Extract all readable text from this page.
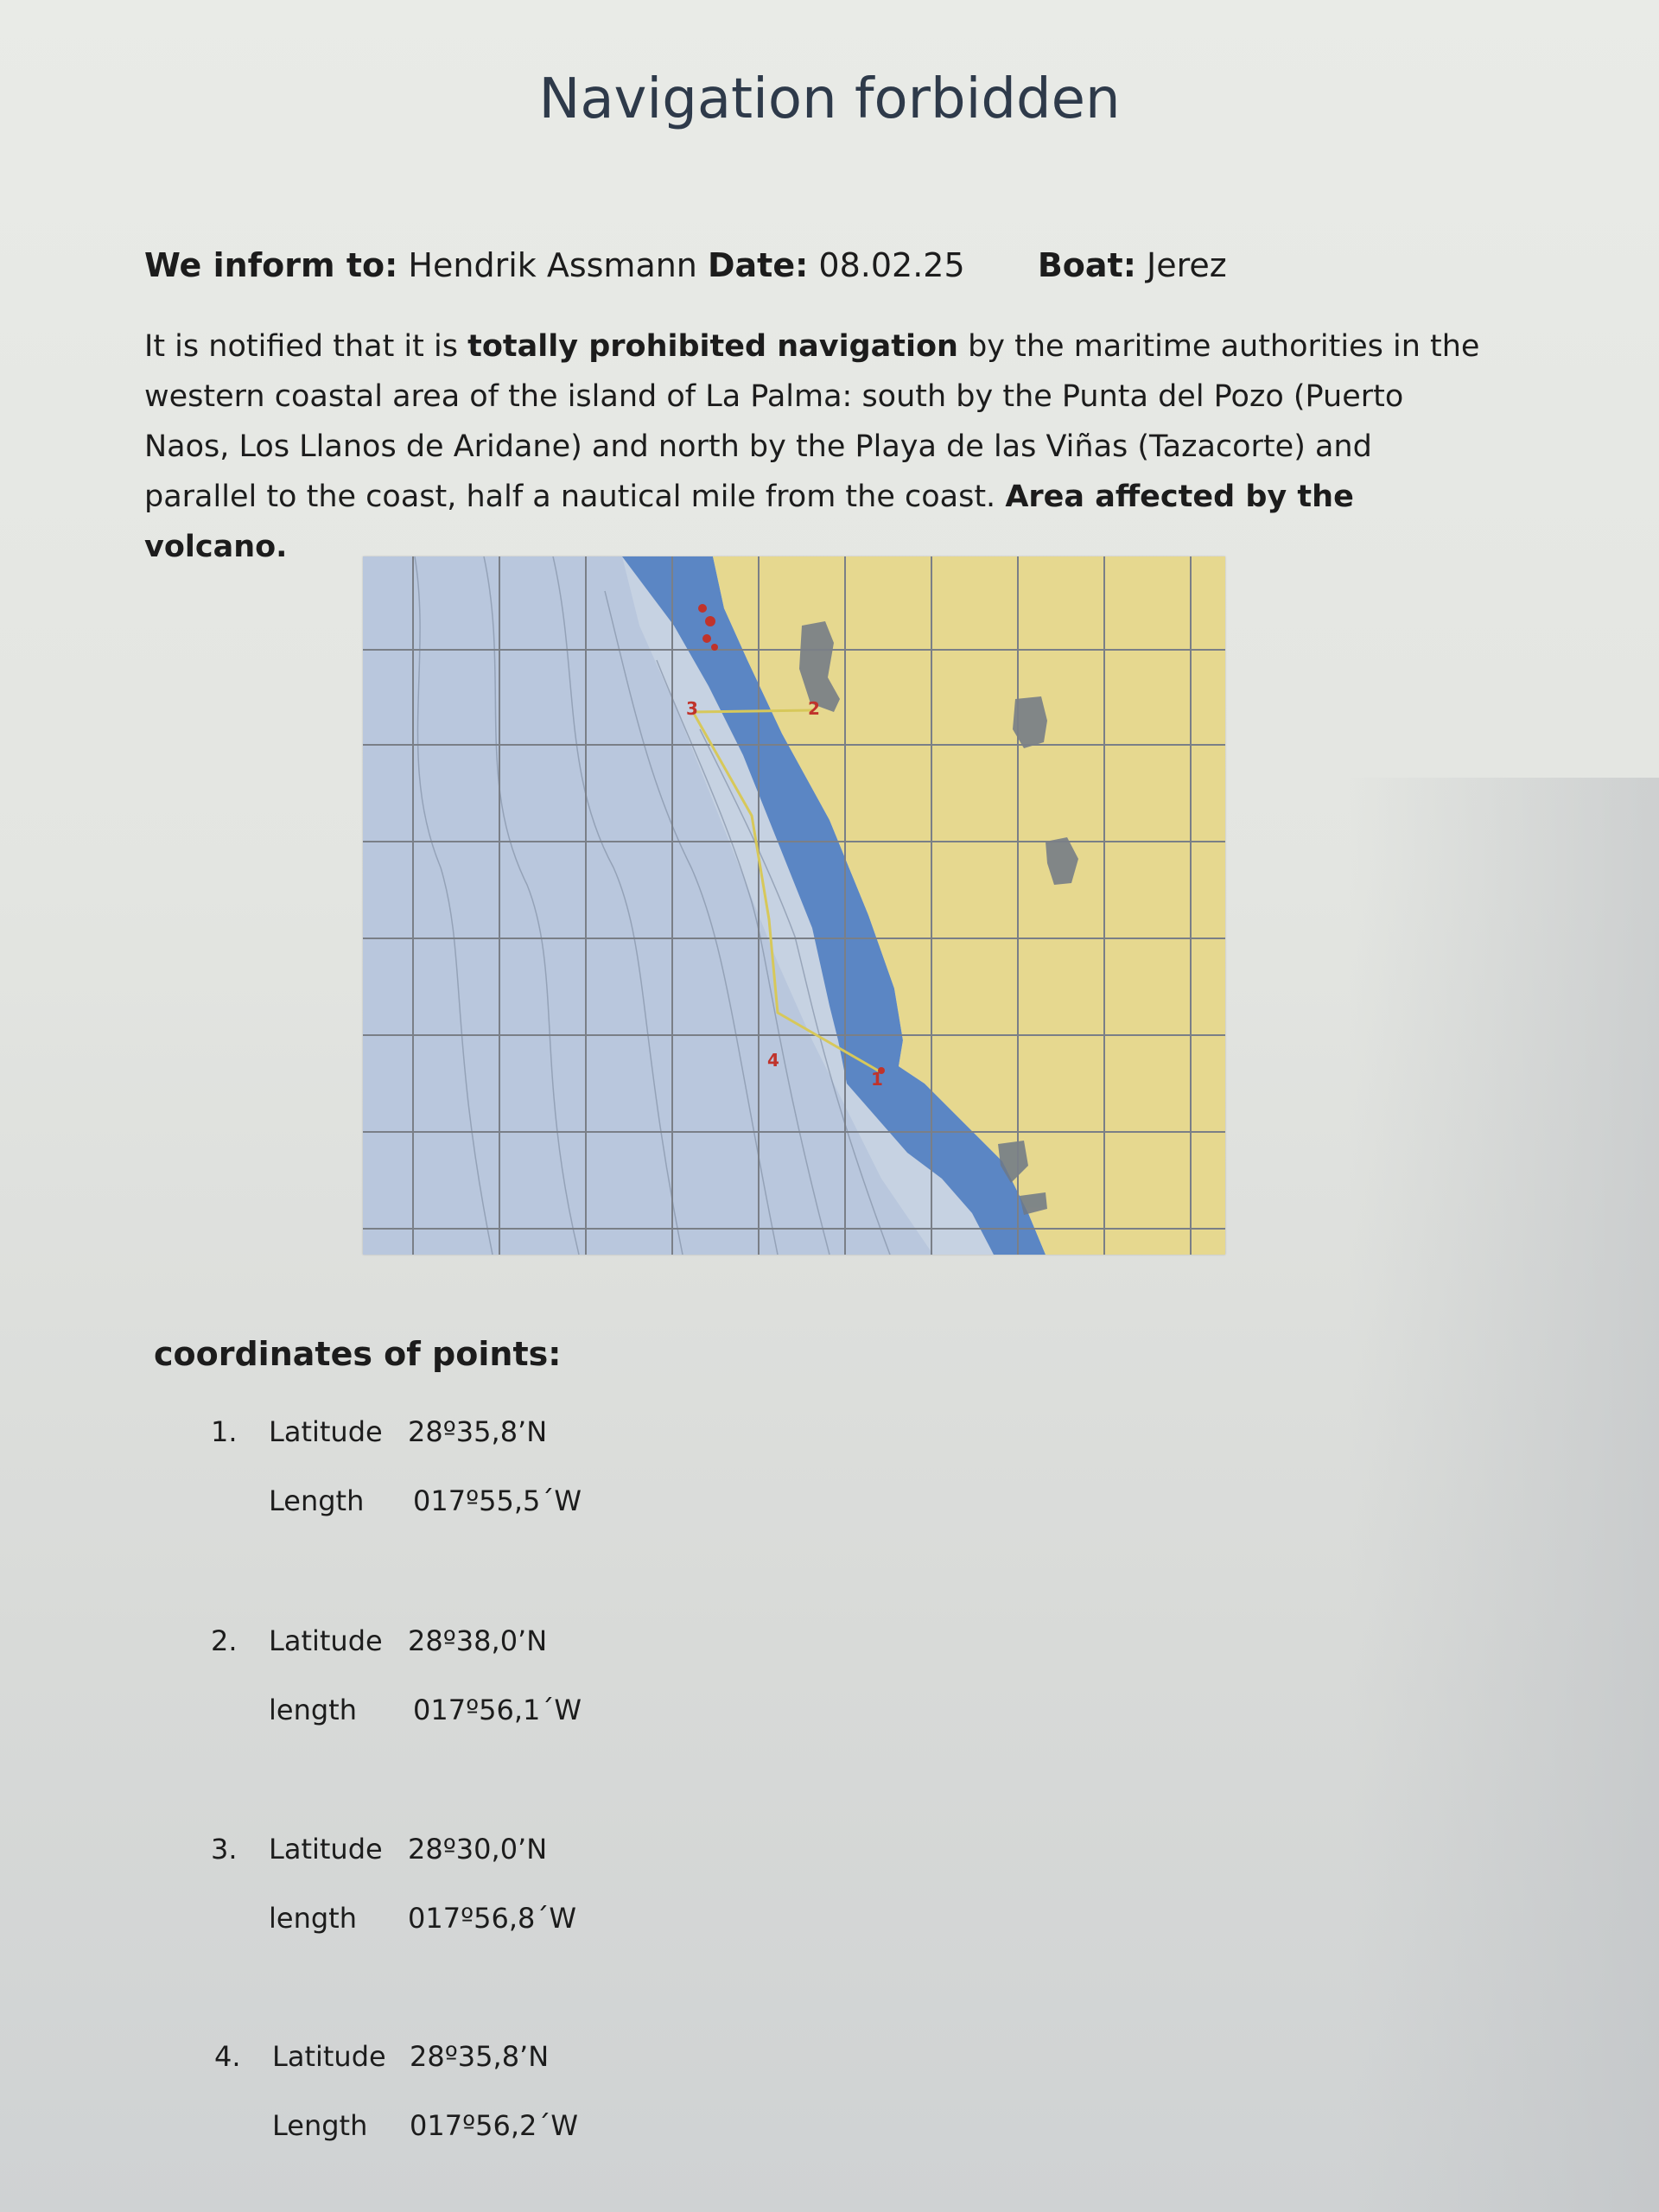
Navigation forbidden
We inform to: Hendrik Assmann Date: 08.02.25 Boat: Jerez

It is notified that it is totally prohibited navigation by the maritime authorities in the western coastal area of the island of La Palma: south by the Punta del Pozo (Puerto Naos, Los Llanos de Aridane) and north by the Playa de las Viñas (Tazacorte) and parallel to the coast, half a nautical mile from the coast. Area affected by the volcano.

1
2
3
4
coordinates of points:
1. Latitude 28º35,8’N
Length 017º55,5´W
2. Latitude 28º38,0’N
length 017º56,1´W
3. Latitude 28º30,0’N
length 017º56,8´W
4. Latitude 28º35,8’N
Length 017º56,2´W
